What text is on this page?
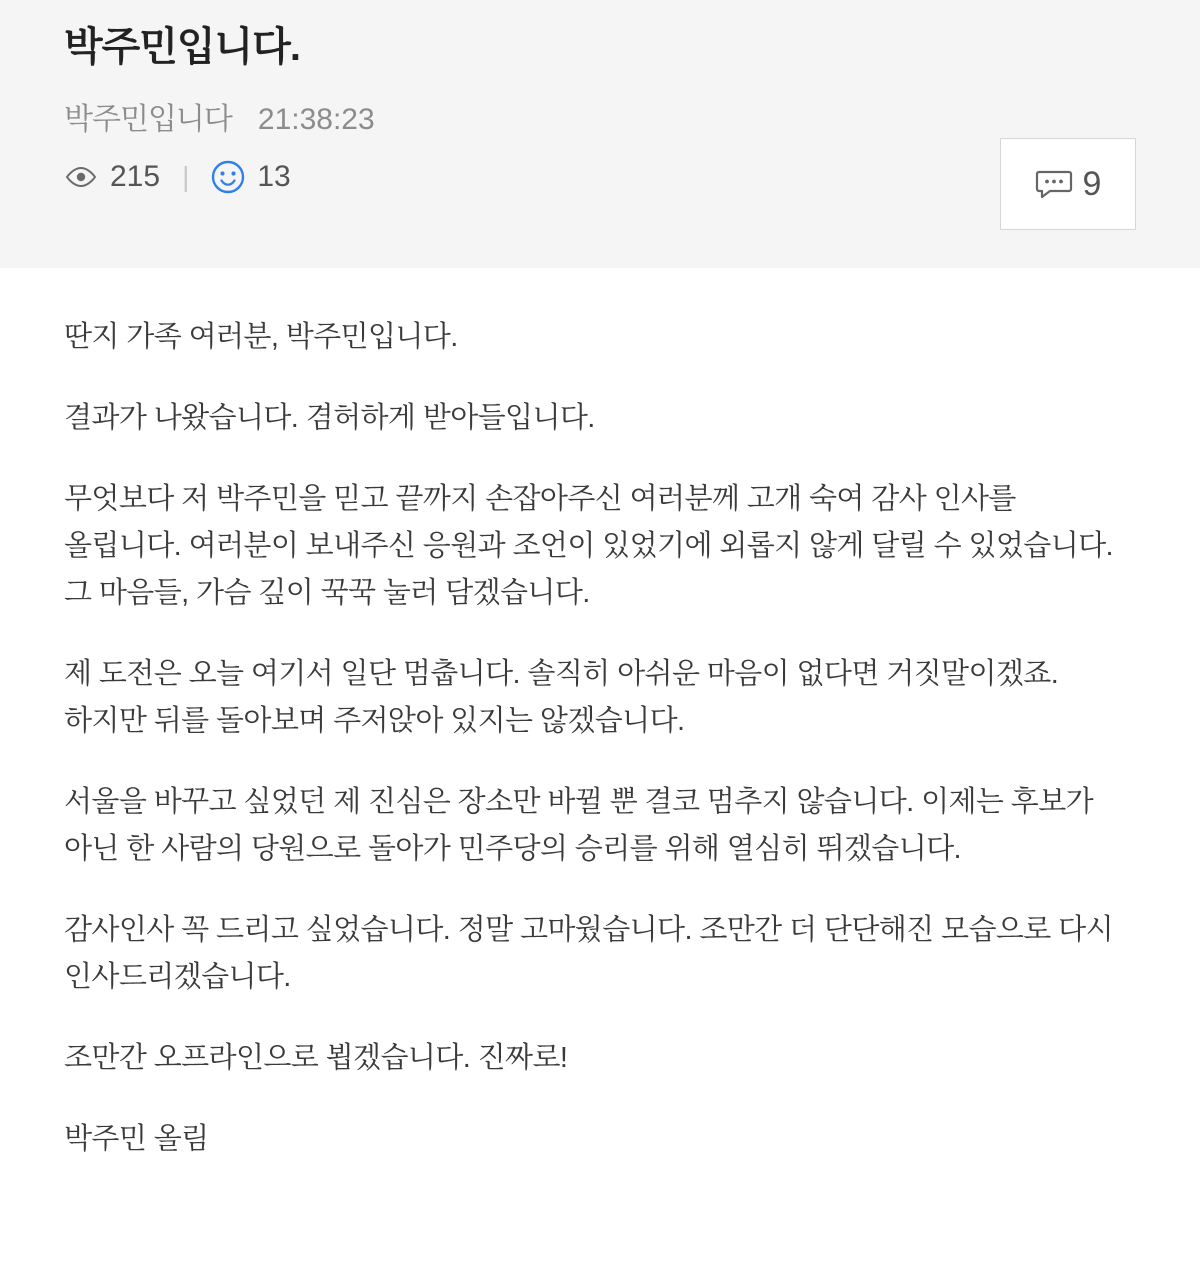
박주민입니다.
박주민입니다 21:38:23
215 | 13	9

딴지 가족 여러분, 박주민입니다.

결과가 나왔습니다. 겸허하게 받아들입니다.

무엇보다 저 박주민을 믿고 끝까지 손잡아주신 여러분께 고개 숙여 감사 인사를 올립니다. 여러분이 보내주신 응원과 조언이 있었기에 외롭지 않게 달릴 수 있었습니다. 그 마음들, 가슴 깊이 꾹꾹 눌러 담겠습니다.

제 도전은 오늘 여기서 일단 멈춥니다. 솔직히 아쉬운 마음이 없다면 거짓말이겠죠. 하지만 뒤를 돌아보며 주저앉아 있지는 않겠습니다.

서울을 바꾸고 싶었던 제 진심은 장소만 바뀔 뿐 결코 멈추지 않습니다. 이제는 후보가 아닌 한 사람의 당원으로 돌아가 민주당의 승리를 위해 열심히 뛰겠습니다.

감사인사 꼭 드리고 싶었습니다. 정말 고마웠습니다. 조만간 더 단단해진 모습으로 다시 인사드리겠습니다.

조만간 오프라인으로 뵙겠습니다. 진짜로!

박주민 올림
